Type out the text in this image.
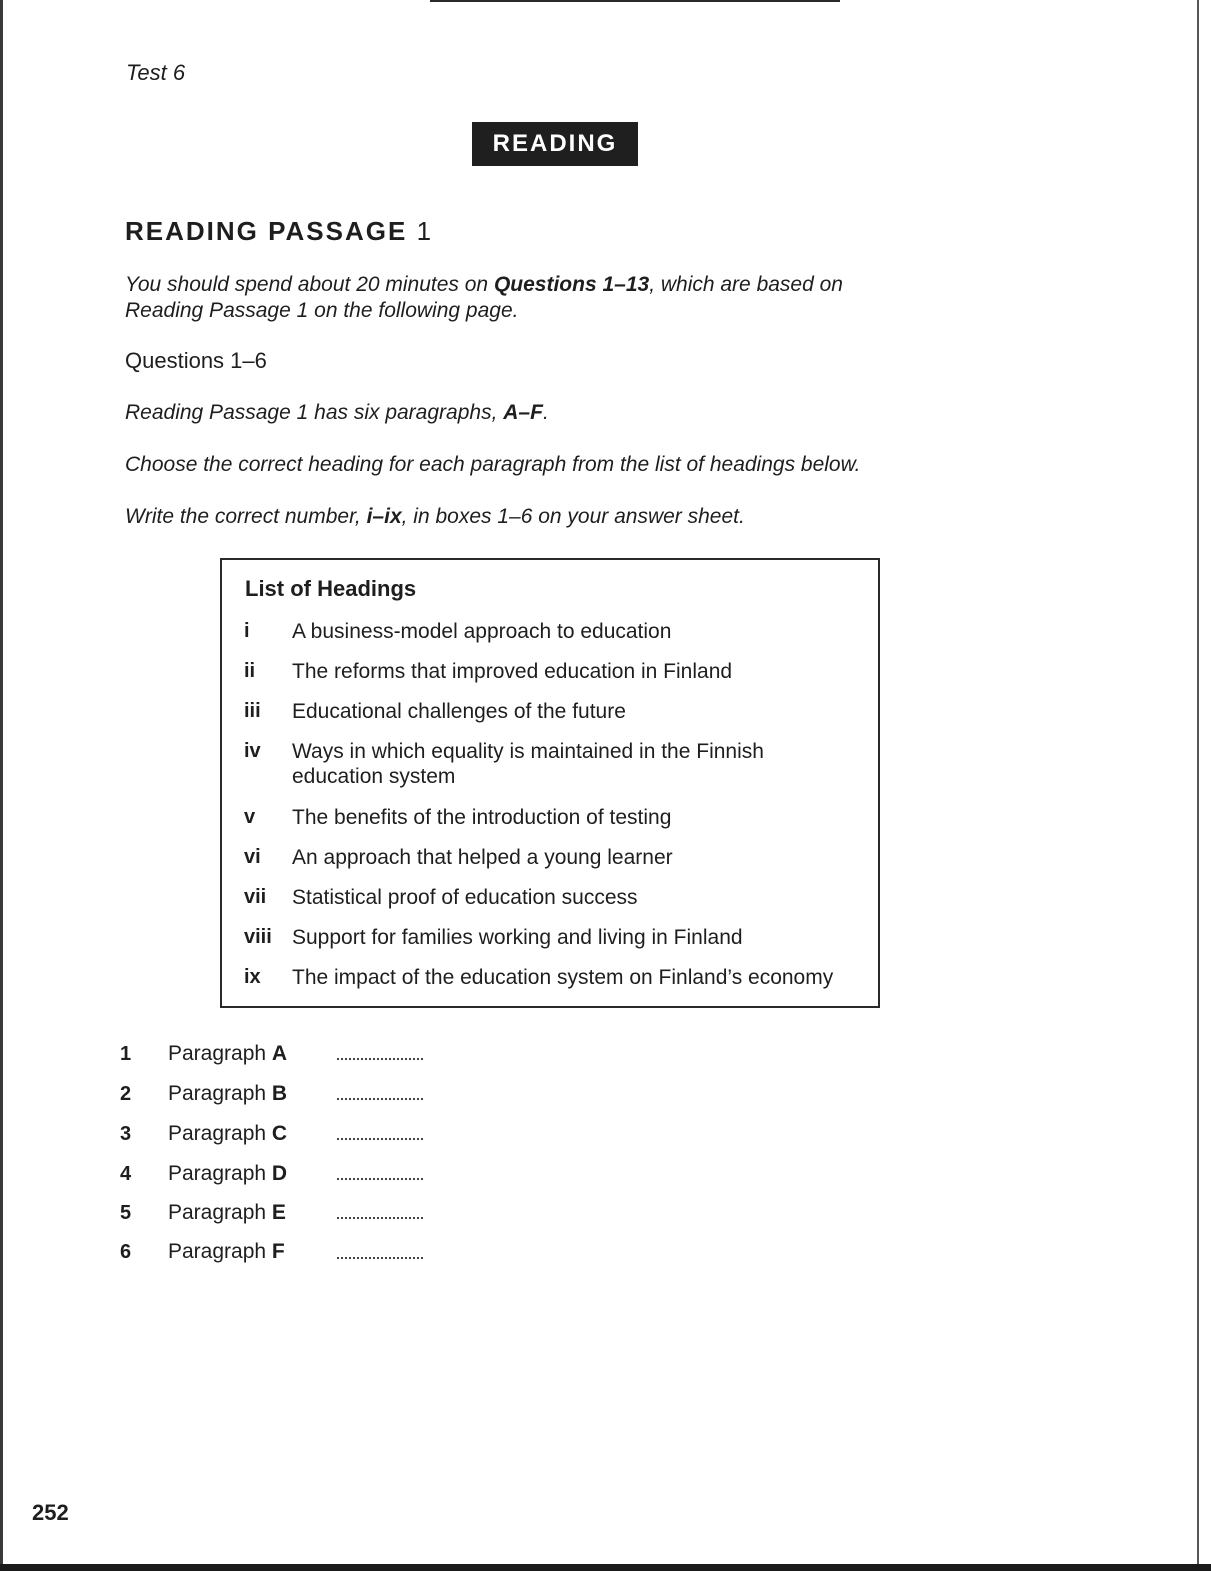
Test 6
READING
READING PASSAGE 1
You should spend about 20 minutes on Questions 1–13, which are based on
Reading Passage 1 on the following page.
Questions 1–6
Reading Passage 1 has six paragraphs, A–F.
Choose the correct heading for each paragraph from the list of headings below.
Write the correct number, i–ix, in boxes 1–6 on your answer sheet.
List of Headings
i A business-model approach to education
ii The reforms that improved education in Finland
iii Educational challenges of the future
iv Ways in which equality is maintained in the Finnish education system
v The benefits of the introduction of testing
vi An approach that helped a young learner
vii Statistical proof of education success
viii Support for families working and living in Finland
ix The impact of the education system on Finland’s economy
1 Paragraph A
2 Paragraph B
3 Paragraph C
4 Paragraph D
5 Paragraph E
6 Paragraph F
252
